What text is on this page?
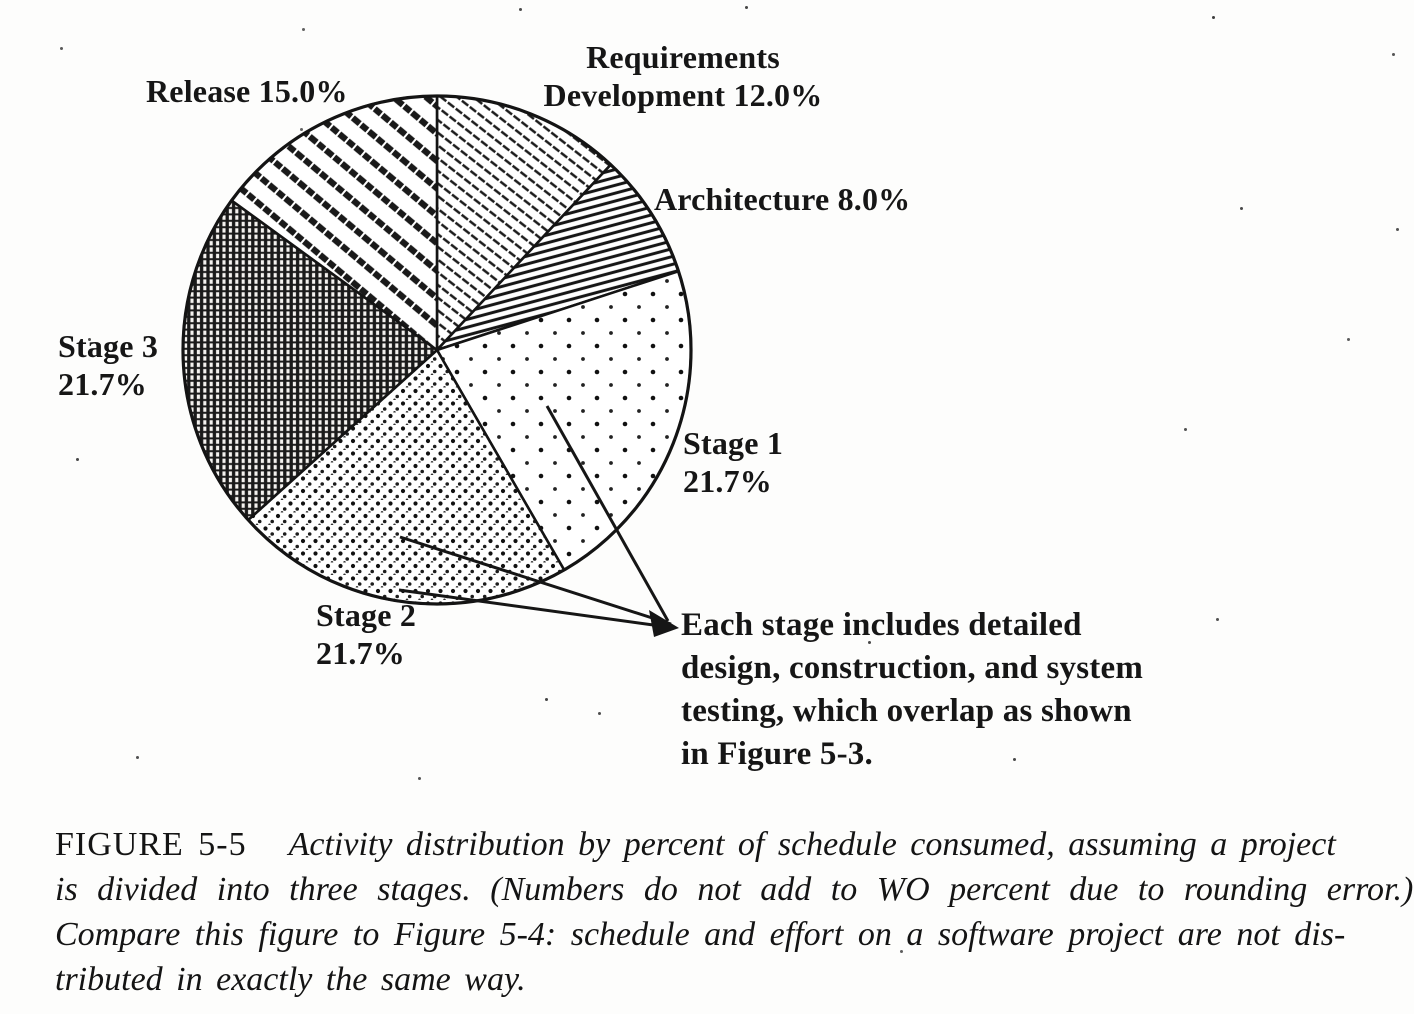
Release 15.0%
Requirements
Development 12.0%
Architecture 8.0%
Stage 3
21.7%
Stage 1
21.7%
Stage 2
21.7%
Each stage includes detailed
design, construction, and system
testing, which overlap as shown
in Figure 5-3.
FIGURE 5-5 Activity distribution by percent of schedule consumed, assuming a project
is divided into three stages. (Numbers do not add to WO percent due to rounding error.)
Compare this figure to Figure 5-4: schedule and effort on a software project are not dis-
tributed in exactly the same way.
